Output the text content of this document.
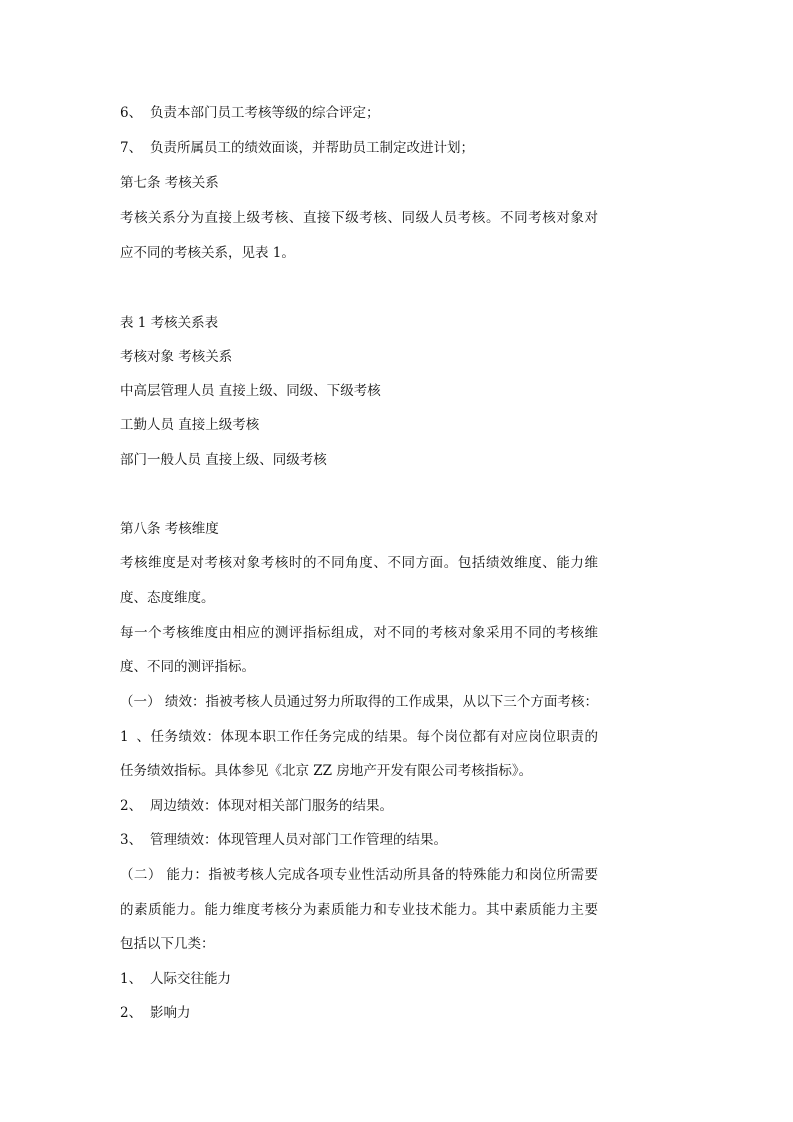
6、 负责本部门员工考核等级的综合评定；
7、 负责所属员工的绩效面谈，并帮助员工制定改进计划；
第七条 考核关系
考核关系分为直接上级考核、直接下级考核、同级人员考核。不同考核对象对
应不同的考核关系，见表 1。
表 1 考核关系表
考核对象 考核关系
中高层管理人员 直接上级、同级、下级考核
工勤人员 直接上级考核
部门一般人员 直接上级、同级考核
第八条 考核维度
考核维度是对考核对象考核时的不同角度、不同方面。包括绩效维度、能力维
度、态度维度。
每一个考核维度由相应的测评指标组成，对不同的考核对象采用不同的考核维
度、不同的测评指标。
（一） 绩效：指被考核人员通过努力所取得的工作成果，从以下三个方面考核：
1、任务绩效：体现本职工作任务完成的结果。每个岗位都有对应岗位职责的
任务绩效指标。具体参见《北京 ZZ 房地产开发有限公司考核指标》。
2、 周边绩效：体现对相关部门服务的结果。
3、 管理绩效：体现管理人员对部门工作管理的结果。
（二） 能力：指被考核人完成各项专业性活动所具备的特殊能力和岗位所需要
的素质能力。能力维度考核分为素质能力和专业技术能力。其中素质能力主要
包括以下几类：
1、 人际交往能力
2、 影响力
